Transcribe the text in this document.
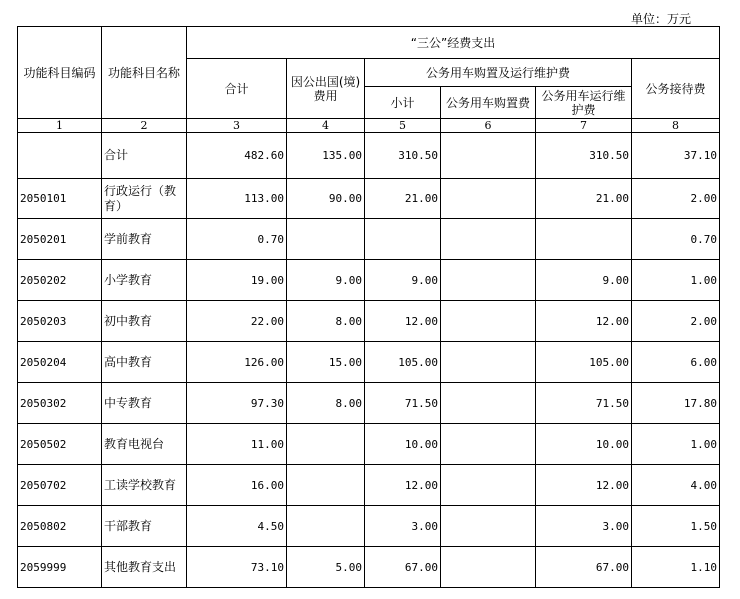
单位：万元
功能科目编码	功能科目名称	“三公”经费支出					
		合计	因公出国(境)费用	公务用车购置及运行维护费			公务接待费
				小计	公务用车购置费	公务用车运行维护费	
1	2	3	4	5	6	7	8
	合计	482.60	135.00	310.50		310.50	37.10
2050101	行政运行（教育）	113.00	90.00	21.00		21.00	2.00
2050201	学前教育	0.70					0.70
2050202	小学教育	19.00	9.00	9.00		9.00	1.00
2050203	初中教育	22.00	8.00	12.00		12.00	2.00
2050204	高中教育	126.00	15.00	105.00		105.00	6.00
2050302	中专教育	97.30	8.00	71.50		71.50	17.80
2050502	教育电视台	11.00		10.00		10.00	1.00
2050702	工读学校教育	16.00		12.00		12.00	4.00
2050802	干部教育	4.50		3.00		3.00	1.50
2059999	其他教育支出	73.10	5.00	67.00		67.00	1.10
